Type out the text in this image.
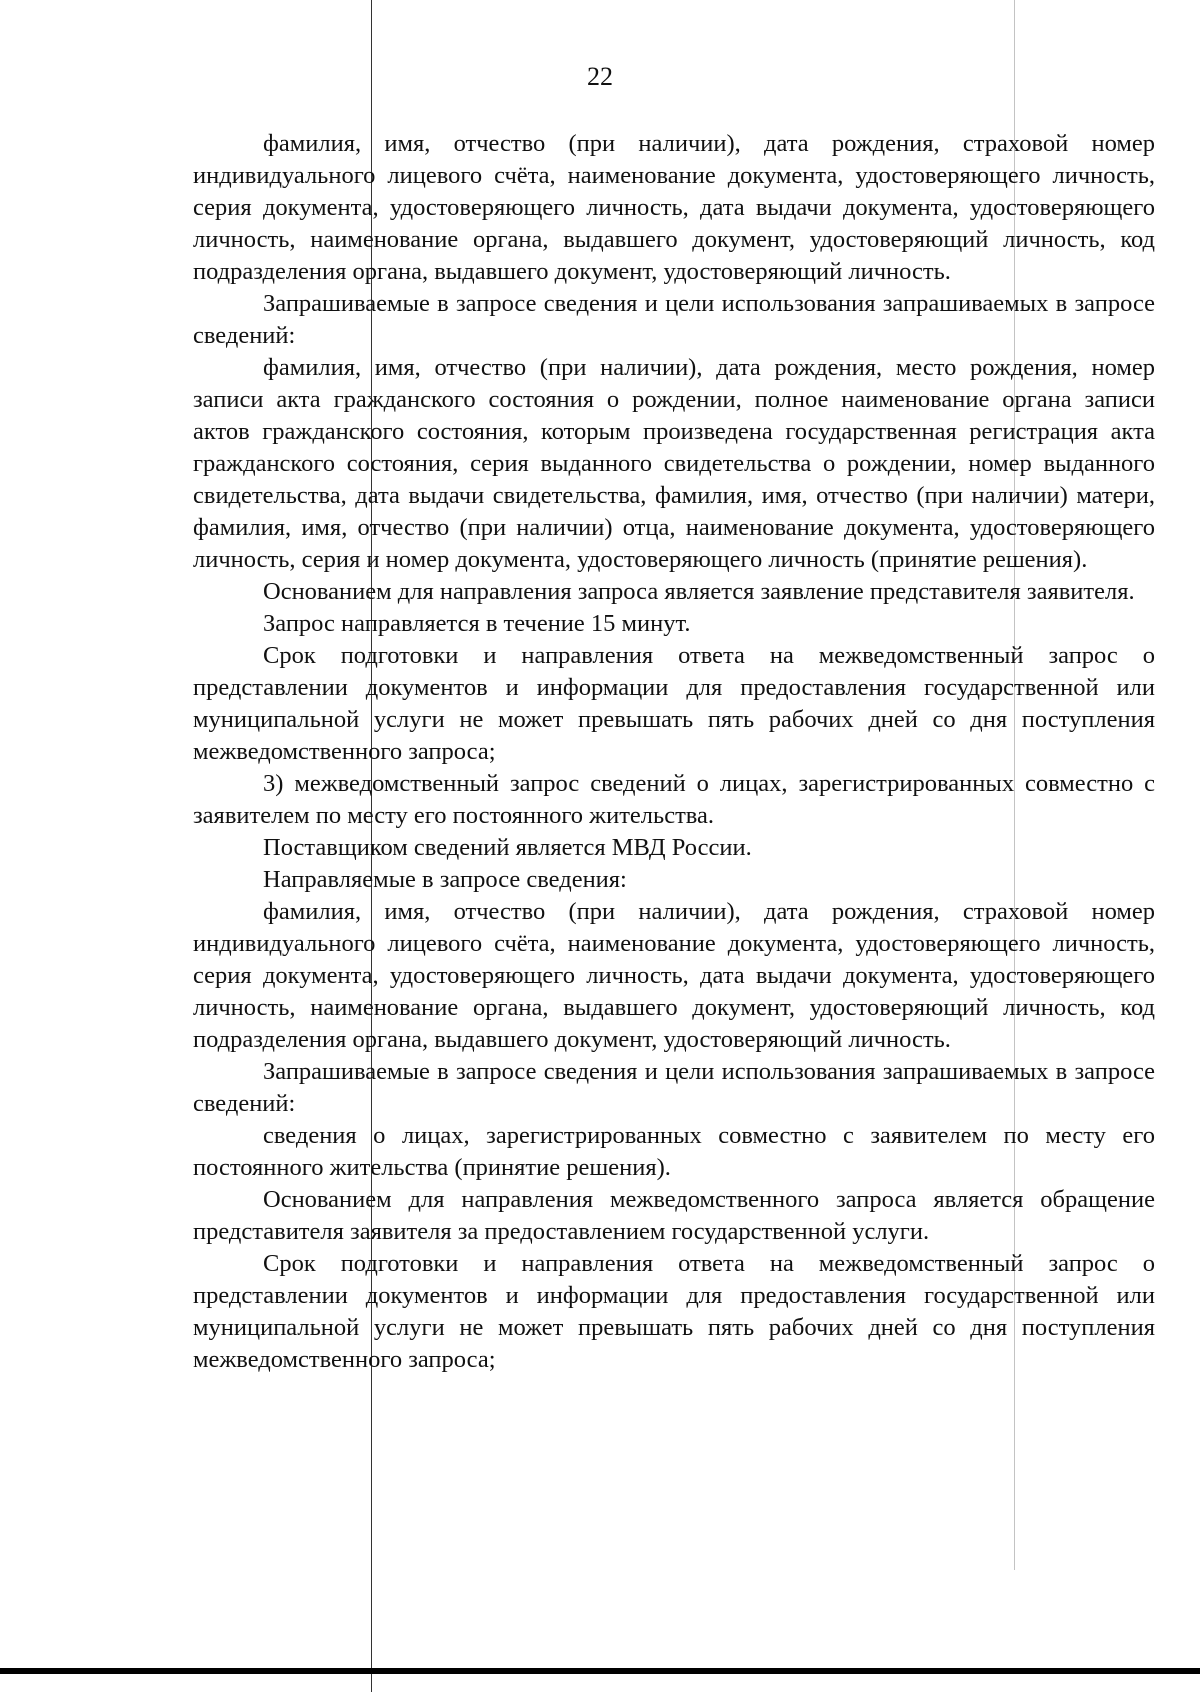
22

фамилия, имя, отчество (при наличии), дата рождения, страховой номер индивидуального лицевого счёта, наименование документа, удостоверяющего личность, серия документа, удостоверяющего личность, дата выдачи документа, удостоверяющего личность, наименование органа, выдавшего документ, удостоверяющий личность, код подразделения органа, выдавшего документ, удостоверяющий личность.

Запрашиваемые в запросе сведения и цели использования запрашиваемых в запросе сведений:

фамилия, имя, отчество (при наличии), дата рождения, место рождения, номер записи акта гражданского состояния о рождении, полное наименование органа записи актов гражданского состояния, которым произведена государственная регистрация акта гражданского состояния, серия выданного свидетельства о рождении, номер выданного свидетельства, дата выдачи свидетельства, фамилия, имя, отчество (при наличии) матери, фамилия, имя, отчество (при наличии) отца, наименование документа, удостоверяющего личность, серия и номер документа, удостоверяющего личность (принятие решения).

Основанием для направления запроса является заявление представителя заявителя.

Запрос направляется в течение 15 минут.

Срок подготовки и направления ответа на межведомственный запрос о представлении документов и информации для предоставления государственной или муниципальной услуги не может превышать пять рабочих дней со дня поступления межведомственного запроса;

3) межведомственный запрос сведений о лицах, зарегистрированных совместно с заявителем по месту его постоянного жительства.

Поставщиком сведений является МВД России.

Направляемые в запросе сведения:

фамилия, имя, отчество (при наличии), дата рождения, страховой номер индивидуального лицевого счёта, наименование документа, удостоверяющего личность, серия документа, удостоверяющего личность, дата выдачи документа, удостоверяющего личность, наименование органа, выдавшего документ, удостоверяющий личность, код подразделения органа, выдавшего документ, удостоверяющий личность.

Запрашиваемые в запросе сведения и цели использования запрашиваемых в запросе сведений:

сведения о лицах, зарегистрированных совместно с заявителем по месту его постоянного жительства (принятие решения).

Основанием для направления межведомственного запроса является обращение представителя заявителя за предоставлением государственной услуги.

Срок подготовки и направления ответа на межведомственный запрос о представлении документов и информации для предоставления государственной или муниципальной услуги не может превышать пять рабочих дней со дня поступления межведомственного запроса;
